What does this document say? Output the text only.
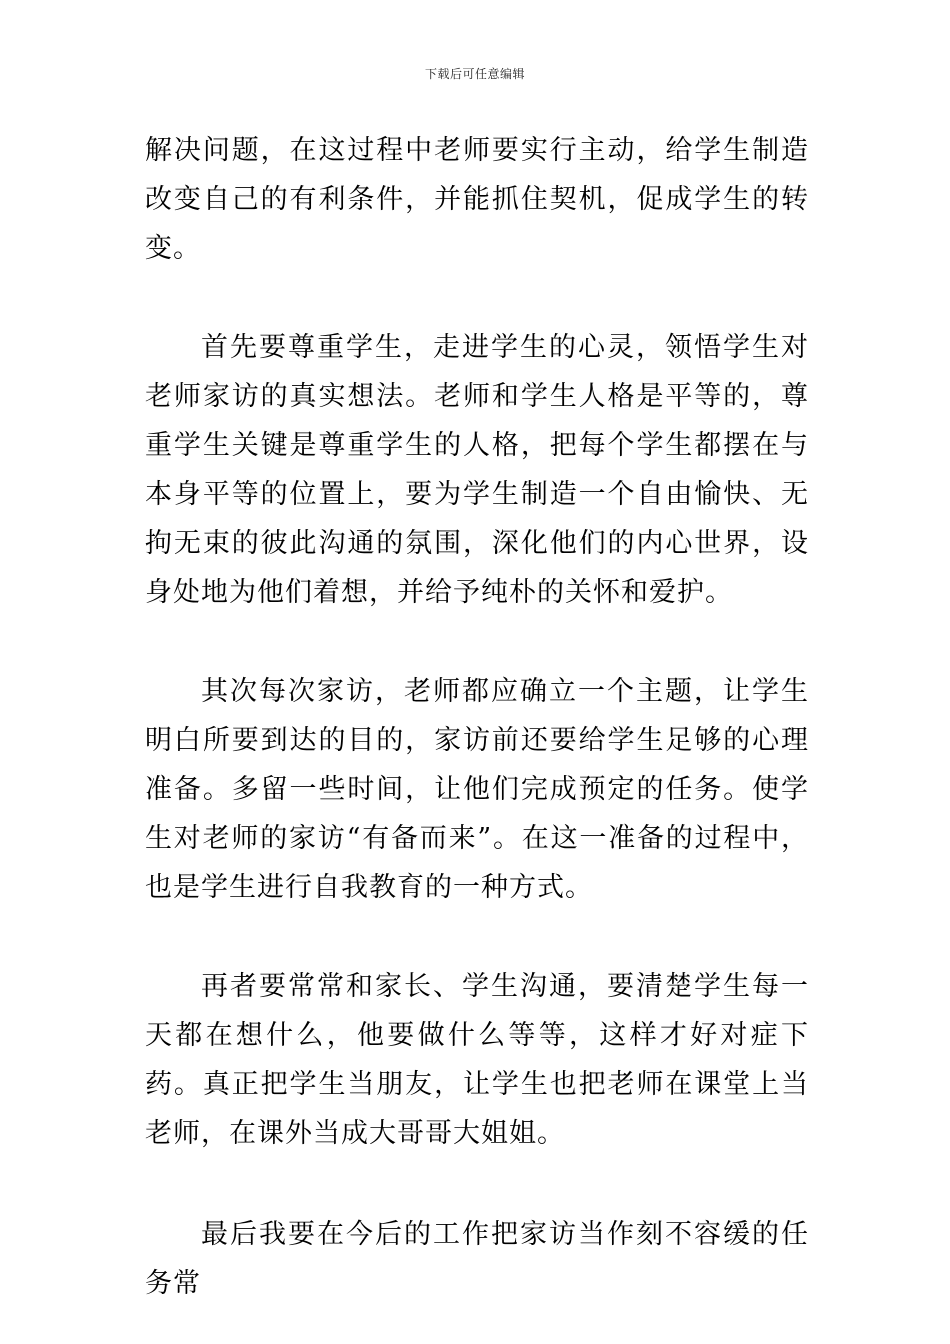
下载后可任意编辑

解决问题，在这过程中老师要实行主动，给学生制造改变自己的有利条件，并能抓住契机，促成学生的转变。

首先要尊重学生，走进学生的心灵，领悟学生对老师家访的真实想法。老师和学生人格是平等的，尊重学生关键是尊重学生的人格，把每个学生都摆在与本身平等的位置上，要为学生制造一个自由愉快、无拘无束的彼此沟通的氛围，深化他们的内心世界，设身处地为他们着想，并给予纯朴的关怀和爱护。

其次每次家访，老师都应确立一个主题，让学生明白所要到达的目的，家访前还要给学生足够的心理准备。多留一些时间，让他们完成预定的任务。使学生对老师的家访“有备而来”。在这一准备的过程中，也是学生进行自我教育的一种方式。

再者要常常和家长、学生沟通，要清楚学生每一天都在想什么，他要做什么等等，这样才好对症下药。真正把学生当朋友，让学生也把老师在课堂上当老师，在课外当成大哥哥大姐姐。

最后我要在今后的工作把家访当作刻不容缓的任务常
